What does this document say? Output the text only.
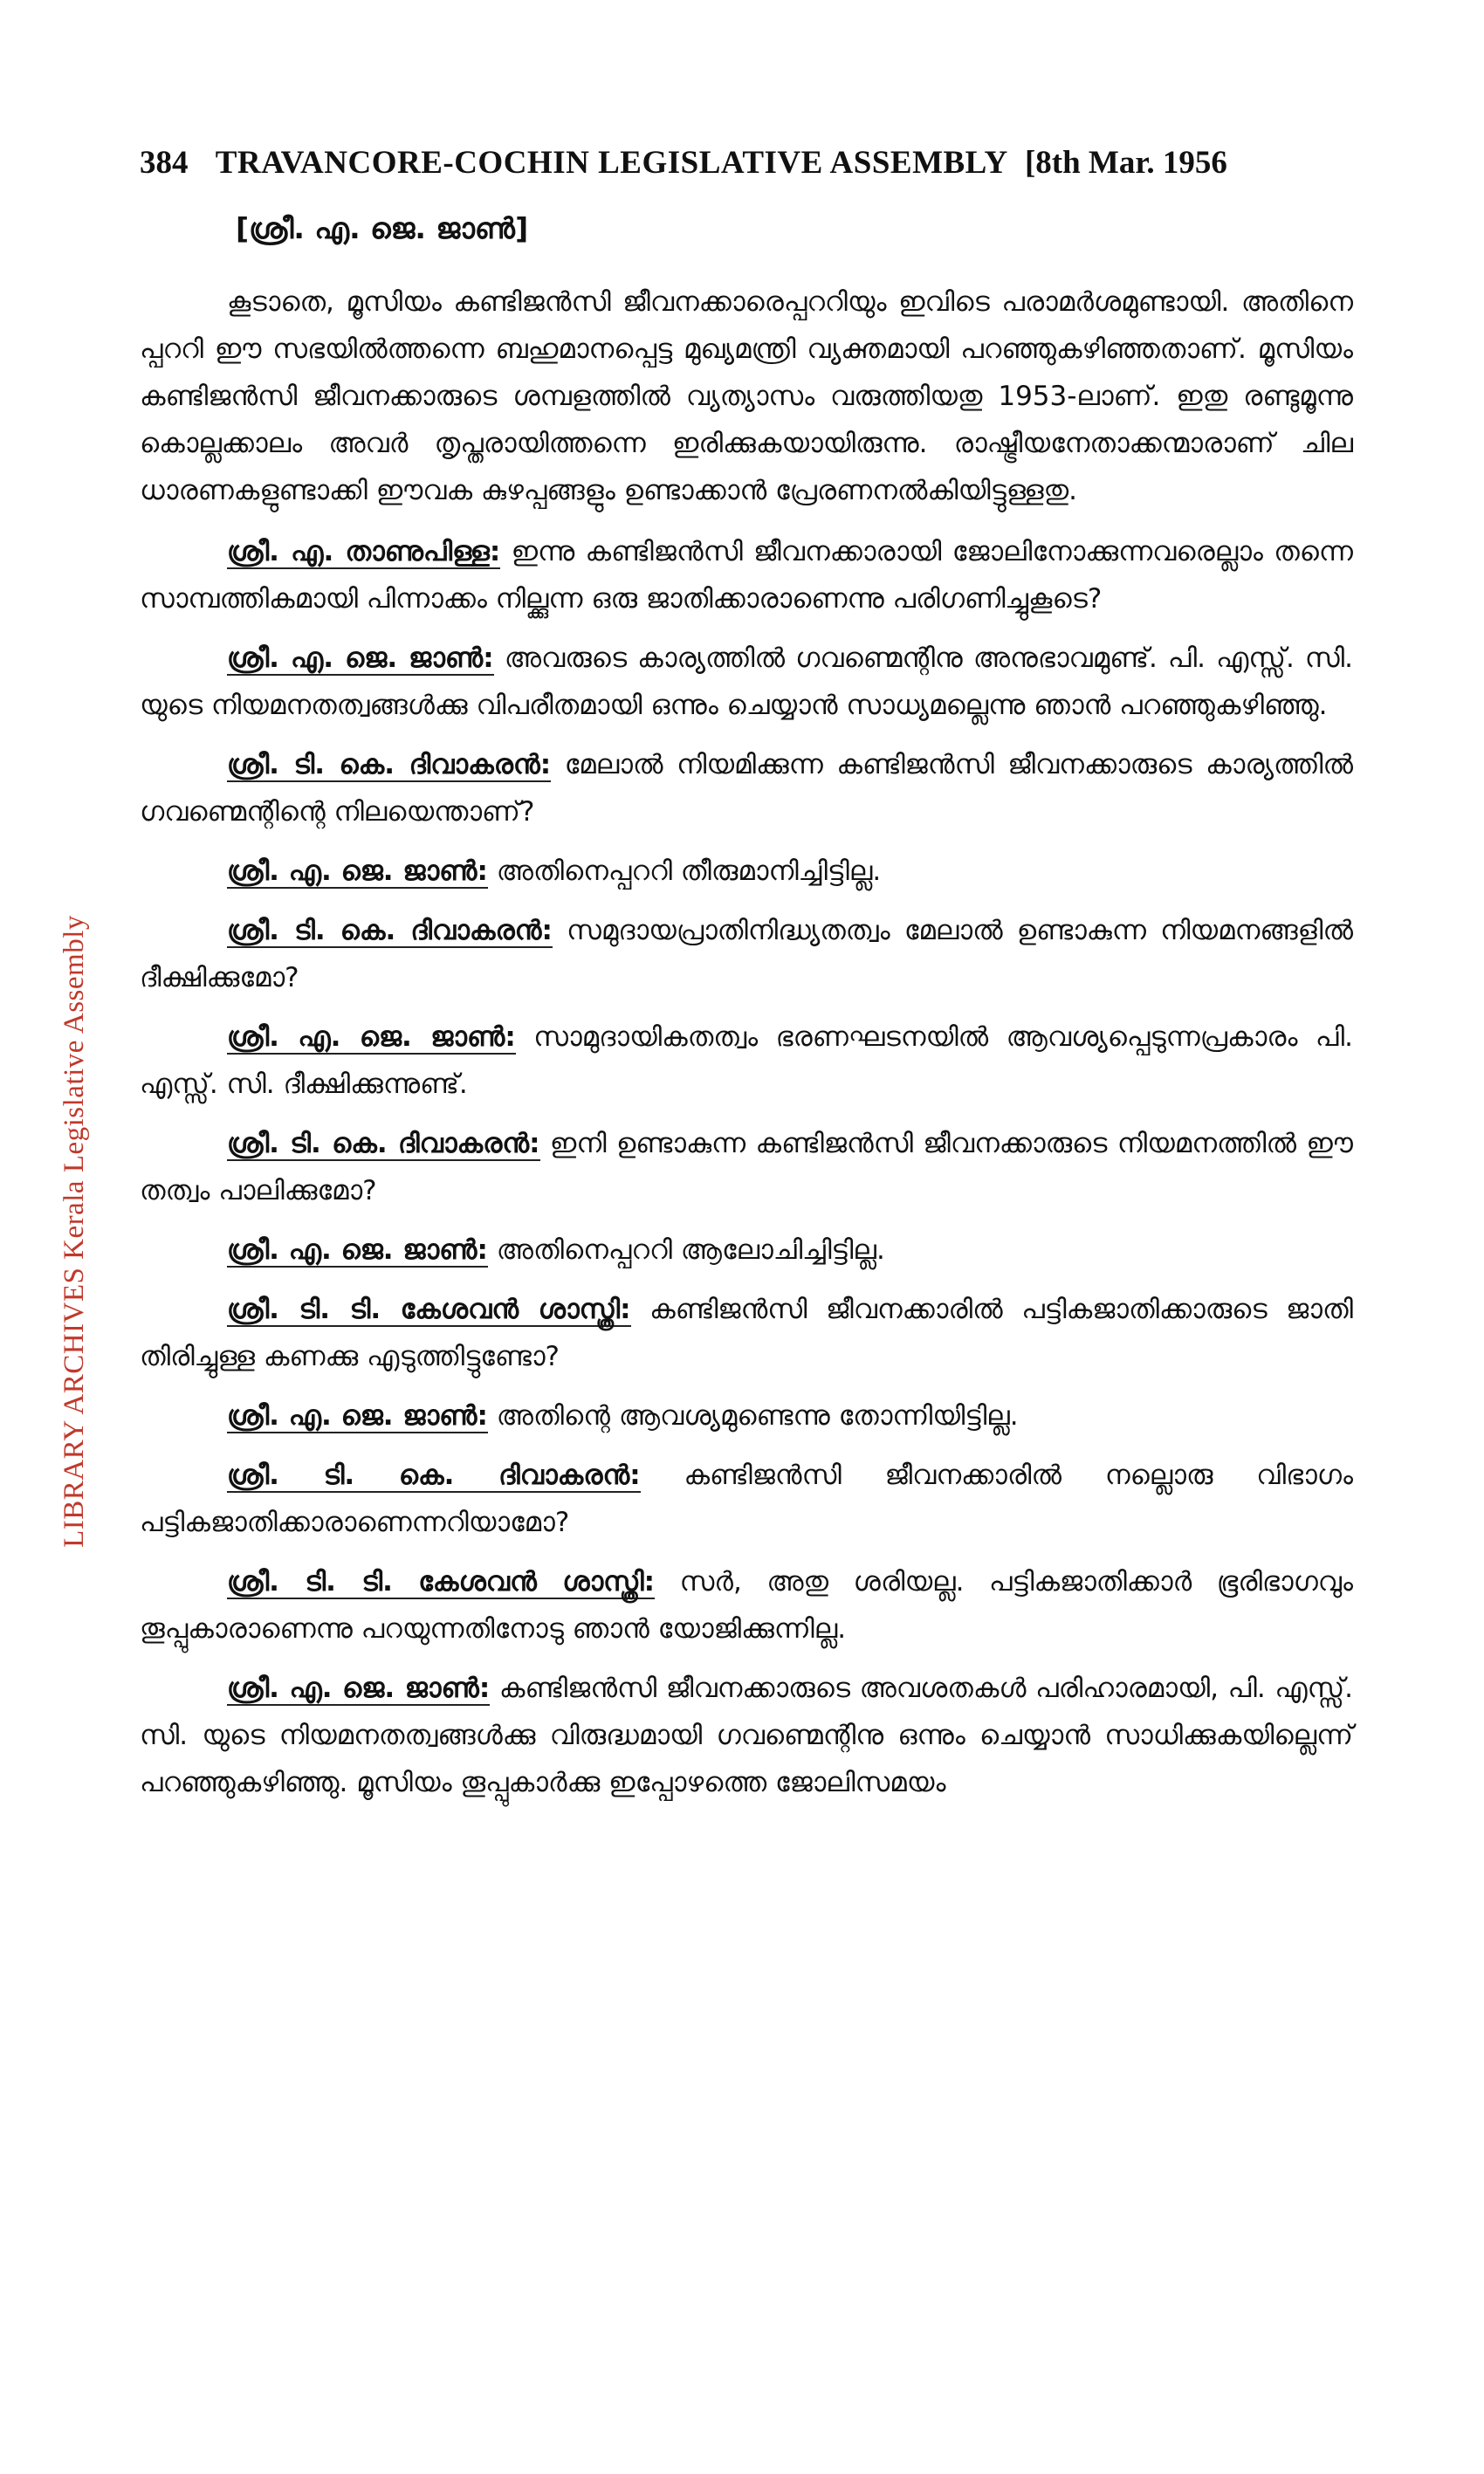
LIBRARY ARCHIVES Kerala Legislative Assembly
384 TRAVANCORE-COCHIN LEGISLATIVE ASSEMBLY [8th Mar. 1956
[ശ്രീ. എ. ജെ. ജാൺ]

കൂടാതെ, മൂസിയം കണ്ടിജൻസി ജീവനക്കാരെപ്പററിയും ഇവിടെ പരാമർശമുണ്ടായി. അതിനെ പ്പററി ഈ സഭയിൽത്തന്നെ ബഹുമാനപ്പെട്ട മുഖ്യമന്ത്രി വ്യക്തമായി പറഞ്ഞുകഴിഞ്ഞതാണ്. മൂസിയം കണ്ടിജൻസി ജീവനക്കാരുടെ ശമ്പളത്തിൽ വ്യത്യാസം വരുത്തിയതു 1953-ലാണ്. ഇതു രണ്ടുമൂന്നു കൊല്ലക്കാലം അവർ തൃപ്തരായിത്തന്നെ ഇരിക്കുകയായിരുന്നു. രാഷ്ട്രീയനേതാക്കന്മാരാണ് ചില ധാരണകളുണ്ടാക്കി ഈവക കുഴപ്പങ്ങളും ഉണ്ടാക്കാൻ പ്രേരണനൽകിയിട്ടുള്ളതു.

ശ്രീ. എ. താണുപിള്ള: ഇന്നു കണ്ടിജൻസി ജീവനക്കാരായി ജോലിനോക്കുന്നവരെല്ലാം തന്നെ സാമ്പത്തികമായി പിന്നാക്കം നില്ക്കുന്ന ഒരു ജാതിക്കാരാണെന്നു പരിഗണിച്ചുകൂടെ?

ശ്രീ. എ. ജെ. ജാൺ: അവരുടെ കാര്യത്തിൽ ഗവണ്മെന്റിനു അനുഭാവമുണ്ട്. പി. എസ്സ്. സി. യുടെ നിയമനതത്വങ്ങൾക്കു വിപരീതമായി ഒന്നും ചെയ്യാൻ സാധ്യമല്ലെന്നു ഞാൻ പറഞ്ഞുകഴിഞ്ഞു.

ശ്രീ. ടി. കെ. ദിവാകരൻ: മേലാൽ നിയമിക്കുന്ന കണ്ടിജൻസി ജീവനക്കാരുടെ കാര്യത്തിൽ ഗവണ്മെന്റിന്റെ നിലയെന്താണ്?

ശ്രീ. എ. ജെ. ജാൺ: അതിനെപ്പററി തീരുമാനിച്ചിട്ടില്ല.

ശ്രീ. ടി. കെ. ദിവാകരൻ: സമുദായപ്രാതിനിദ്ധ്യതത്വം മേലാൽ ഉണ്ടാകുന്ന നിയമനങ്ങളിൽ ദീക്ഷിക്കുമോ?

ശ്രീ. എ. ജെ. ജാൺ: സാമുദായികതത്വം ഭരണഘടനയിൽ ആവശ്യപ്പെടുന്നപ്രകാരം പി. എസ്സ്. സി. ദീക്ഷിക്കുന്നുണ്ട്.

ശ്രീ. ടി. കെ. ദിവാകരൻ: ഇനി ഉണ്ടാകുന്ന കണ്ടിജൻസി ജീവനക്കാരുടെ നിയമനത്തിൽ ഈ തത്വം പാലിക്കുമോ?

ശ്രീ. എ. ജെ. ജാൺ: അതിനെപ്പററി ആലോചിച്ചിട്ടില്ല.

ശ്രീ. ടി. ടി. കേശവൻ ശാസ്ത്രി: കണ്ടിജൻസി ജീവനക്കാരിൽ പട്ടികജാതിക്കാരുടെ ജാതി തിരിച്ചുള്ള കണക്കു എടുത്തിട്ടുണ്ടോ?

ശ്രീ. എ. ജെ. ജാൺ: അതിന്റെ ആവശ്യമുണ്ടെന്നു തോന്നിയിട്ടില്ല.

ശ്രീ. ടി. കെ. ദിവാകരൻ: കണ്ടിജൻസി ജീവനക്കാരിൽ നല്ലൊരു വിഭാഗം പട്ടികജാതിക്കാരാണെന്നറിയാമോ?

ശ്രീ. ടി. ടി. കേശവൻ ശാസ്ത്രി: സർ, അതു ശരിയല്ല. പട്ടികജാതിക്കാർ ഭൂരിഭാഗവും തൂപ്പുകാരാണെന്നു പറയുന്നതിനോടു ഞാൻ യോജിക്കുന്നില്ല.

ശ്രീ. എ. ജെ. ജാൺ: കണ്ടിജൻസി ജീവനക്കാരുടെ അവശതകൾ പരിഹാരമായി, പി. എസ്സ്. സി. യുടെ നിയമനതത്വങ്ങൾക്കു വിരുദ്ധമായി ഗവണ്മെന്റിനു ഒന്നും ചെയ്യാൻ സാധിക്കുകയില്ലെന്ന് പറഞ്ഞുകഴിഞ്ഞു. മൂസിയം തൂപ്പുകാർക്കു ഇപ്പോഴത്തെ ജോലിസമയം
